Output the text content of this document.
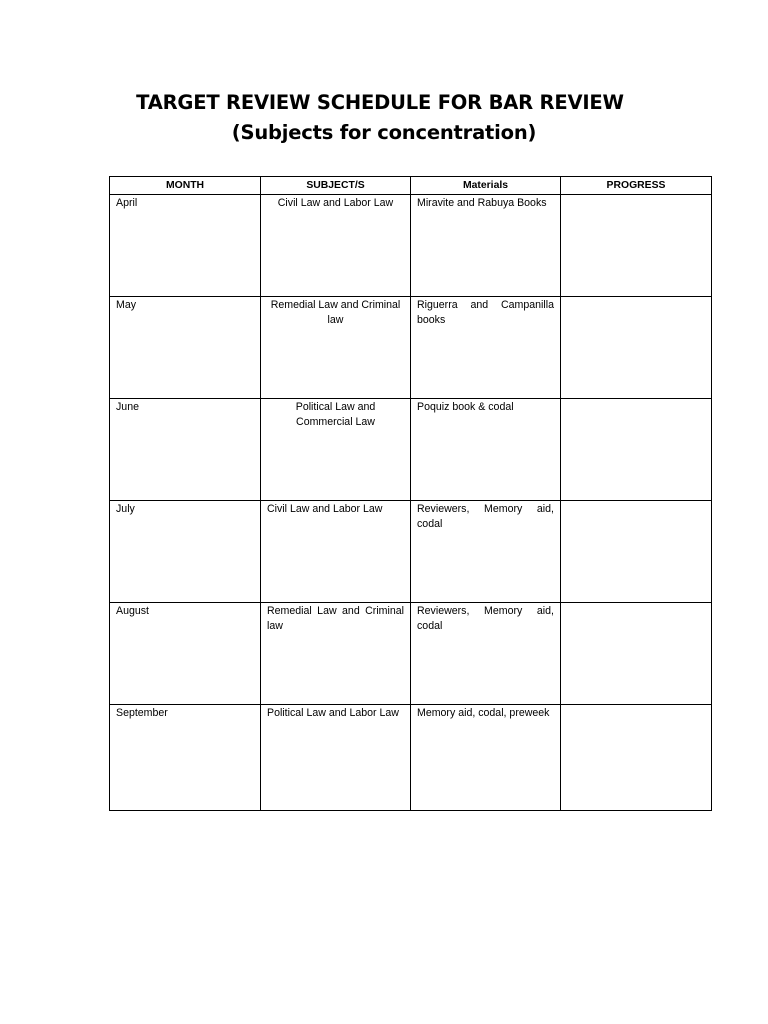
TARGET REVIEW SCHEDULE FOR BAR REVIEW
(Subjects for concentration)
MONTH	SUBJECT/S	Materials	PROGRESS
April	Civil Law and Labor Law	Miravite and Rabuya Books	
May	Remedial Law and Criminal law	Riguerra and Campanilla books	
June	Political Law and Commercial Law	Poquiz book & codal	
July	Civil Law and Labor Law	Reviewers, Memory aid, codal	
August	Remedial Law and Criminal law	Reviewers, Memory aid, codal	
September	Political Law and Labor Law	Memory aid, codal, preweek	
